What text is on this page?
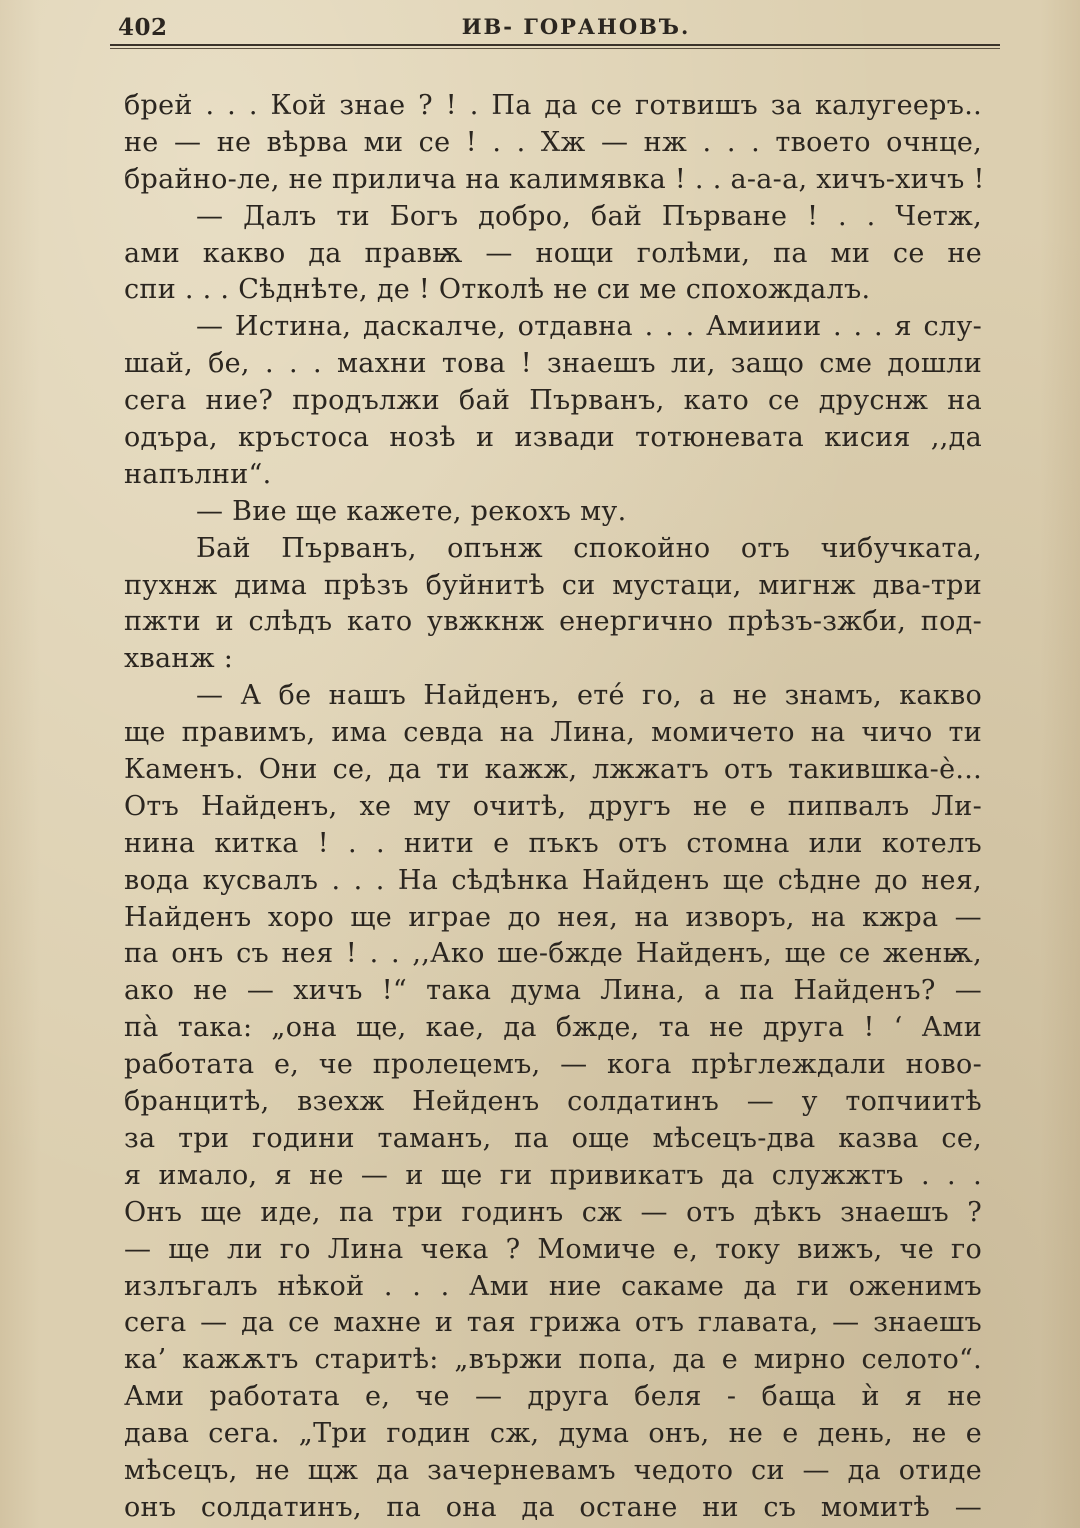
402	ИВ- ГОРАНОВЪ.
брей . . . Кой знае ? ! . Па да се готвишъ за калугееръ..
не — не вѣрва ми се ! . . Хж — нж . . . твоето очнце,
брайно-ле, не прилича на калимявка ! . . а-а-а, хичъ-хичъ !
— Далъ ти Богъ добро, бай Първане ! . . Четж,
ами какво да правѭ — нощи голѣми, па ми се не
спи . . . Сѣднѣте, де ! Отколѣ не си ме спохождалъ.
— Истина, даскалче, отдавна . . . Амииии . . . я слу-
шай, бе, . . . махни това ! знаешъ ли, защо сме дошли
сега ние? продължи бай Първанъ, като се друснж на
одъра, кръстоса нозѣ и извади тотюневата кисия ,,да
напълни“.
— Вие ще кажете, рекохъ му.
Бай Първанъ, опънж спокойно отъ чибучката,
пухнж дима прѣзъ буйнитѣ си мустаци, мигнж два-три
пжти и слѣдъ като увжкнж енергично прѣзъ-зжби, под-
хванж :
— А бе нашъ Найденъ, етé го, а не знамъ, какво
ще правимъ, има севда на Лина, момичето на чичо ти
Каменъ. Они се, да ти кажж, лжжатъ отъ такившка-ѐ...
Отъ Найденъ, хе му очитѣ, другъ не е пипвалъ Ли-
нина китка ! . . нити е пъкъ отъ стомна или котелъ
вода кусвалъ . . . На сѣдѣнка Найденъ ще сѣдне до нея,
Найденъ хоро ще играе до нея, на изворъ, на кжра —
па онъ съ нея ! . . ,,Ако ше-бжде Найденъ, ще се женѭ,
ако не — хичъ !“ така дума Лина, а па Найденъ? —
пà така: „она ще, кае, да бжде, та не друга ! ‘ Ами
работата е, че пролецемъ, — кога прѣглеждали ново-
бранцитѣ, взехж Нейденъ солдатинъ — у топчиитѣ
за три години таманъ, па още мѣсецъ-два казва се,
я имало, я не — и ще ги привикатъ да служжтъ . . .
Онъ ще иде, па три годинъ сж — отъ дѣкъ знаешъ ?
— ще ли го Лина чека ? Момиче е, току вижъ, че го
излъгалъ нѣкой . . . Ами ние сакаме да ги оженимъ
сега — да се махне и тая грижа отъ главата, — знаешъ
ка’ кажѫтъ старитѣ: „вържи попа, да е мирно селото“.
Ами работата е, че — друга беля - баща ѝ я не
дава сега. „Три годин сж, дума онъ, не е день, не е
мѣсецъ, не щж да зачерневамъ чедото си — да отиде
онъ солдатинъ, па она да остане ни съ момитѣ —
